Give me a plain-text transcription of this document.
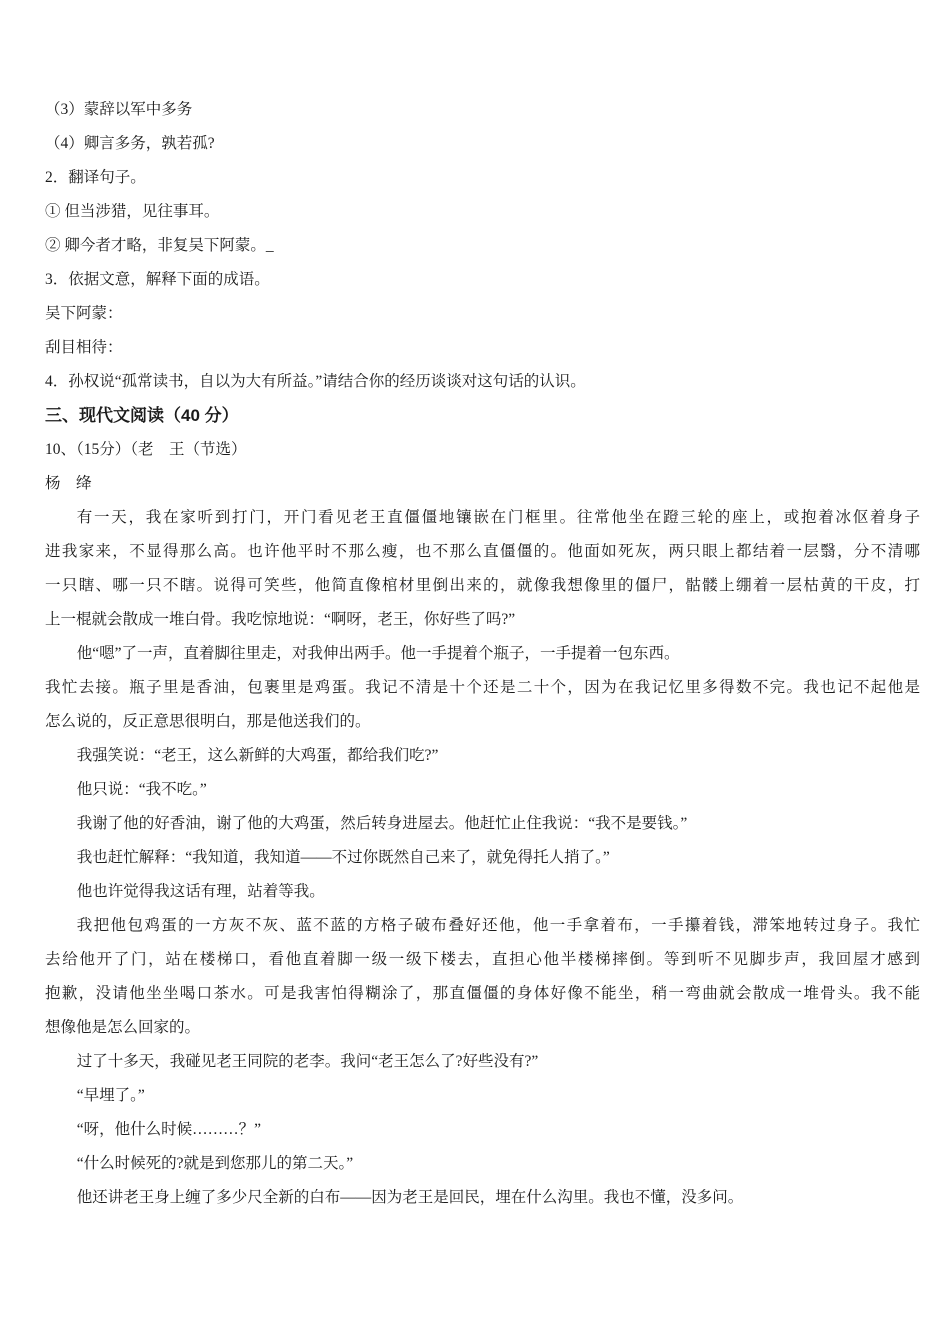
（3）蒙辞以军中多务
（4）卿言多务，孰若孤?
2．翻译句子。
① 但当涉猎，见往事耳。
② 卿今者才略，非复吴下阿蒙。_
3．依据文意，解释下面的成语。
吴下阿蒙：
刮目相待：
4．孙权说“孤常读书，自以为大有所益。”请结合你的经历谈谈对这句话的认识。
三、现代文阅读（40 分）
10、（15分）（老　王（节选）
杨　绛
有一天，我在家听到打门，开门看见老王直僵僵地镶嵌在门框里。往常他坐在蹬三轮的座上，或抱着冰伛着身子
进我家来，不显得那么高。也许他平时不那么瘦，也不那么直僵僵的。他面如死灰，两只眼上都结着一层翳，分不清哪
一只瞎、哪一只不瞎。说得可笑些，他简直像棺材里倒出来的，就像我想像里的僵尸，骷髅上绷着一层枯黄的干皮，打
上一棍就会散成一堆白骨。我吃惊地说：“啊呀，老王，你好些了吗?”
他“嗯”了一声，直着脚往里走，对我伸出两手。他一手提着个瓶子，一手提着一包东西。
我忙去接。瓶子里是香油，包裹里是鸡蛋。我记不清是十个还是二十个，因为在我记忆里多得数不完。我也记不起他是
怎么说的，反正意思很明白，那是他送我们的。
我强笑说：“老王，这么新鲜的大鸡蛋，都给我们吃?”
他只说：“我不吃。”
我谢了他的好香油，谢了他的大鸡蛋，然后转身进屋去。他赶忙止住我说：“我不是要钱。”
我也赶忙解释：“我知道，我知道——不过你既然自己来了，就免得托人捎了。”
他也许觉得我这话有理，站着等我。
我把他包鸡蛋的一方灰不灰、蓝不蓝的方格子破布叠好还他，他一手拿着布，一手攥着钱，滞笨地转过身子。我忙
去给他开了门，站在楼梯口，看他直着脚一级一级下楼去，直担心他半楼梯摔倒。等到听不见脚步声，我回屋才感到
抱歉，没请他坐坐喝口茶水。可是我害怕得糊涂了，那直僵僵的身体好像不能坐，稍一弯曲就会散成一堆骨头。我不能
想像他是怎么回家的。
过了十多天，我碰见老王同院的老李。我问“老王怎么了?好些没有?”
“早埋了。”
“呀，他什么时候………？”
“什么时候死的?就是到您那儿的第二天。”
他还讲老王身上缠了多少尺全新的白布——因为老王是回民，埋在什么沟里。我也不懂，没多问。
